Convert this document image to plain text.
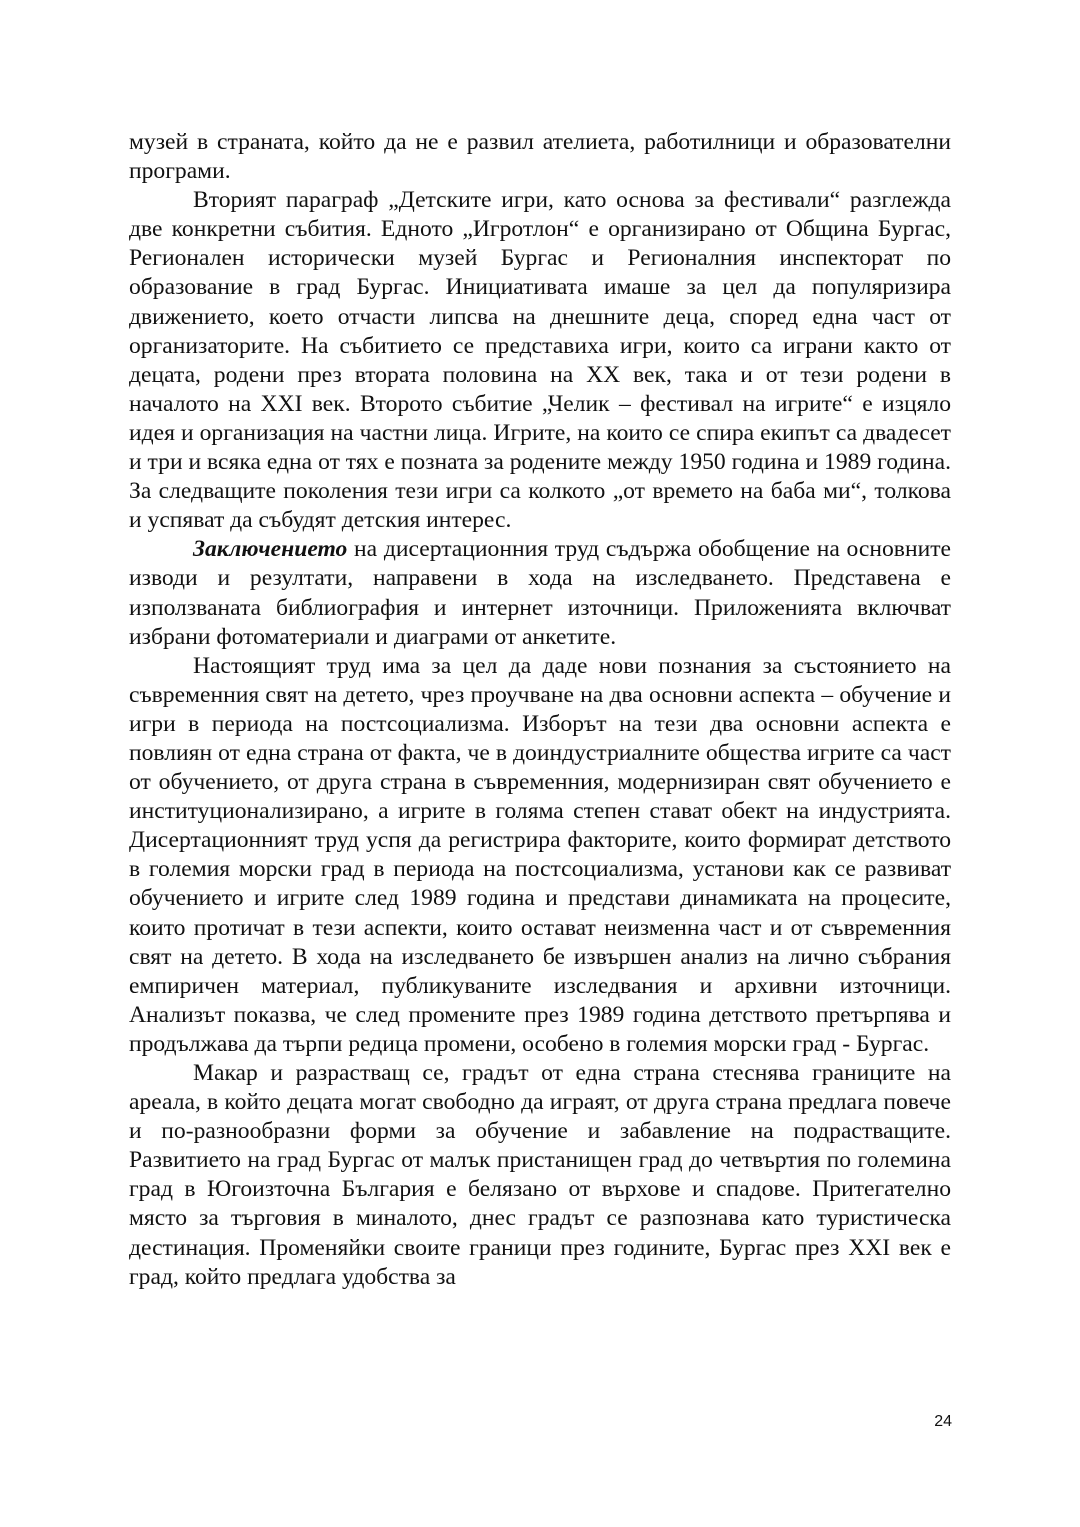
музей в страната, който да не е развил ателиета, работилници и образователни програми.

Вторият параграф „Детските игри, като основа за фестивали“ разглежда две конкретни събития. Едното „Игротлон“ е организирано от Община Бургас, Регионален исторически музей Бургас и Регионалния инспекторат по образование в град Бургас. Инициативата имаше за цел да популяризира движението, което отчасти липсва на днешните деца, според една част от организаторите. На събитието се представиха игри, които са играни както от децата, родени през втората половина на XX век, така и от тези родени в началото на XXI век. Второто събитие „Челик – фестивал на игрите“ е изцяло идея и организация на частни лица. Игрите, на които се спира екипът са двадесет и три и всяка една от тях е позната за родените между 1950 година и 1989 година. За следващите поколения тези игри са колкото „от времето на баба ми“, толкова и успяват да събудят детския интерес.

Заключението на дисертационния труд съдържа обобщение на основните изводи и резултати, направени в хода на изследването. Представена е използваната библиография и интернет източници. Приложенията включват избрани фотоматериали и диаграми от анкетите.

Настоящият труд има за цел да даде нови познания за състоянието на съвременния свят на детето, чрез проучване на два основни аспекта – обучение и игри в периода на постсоциализма. Изборът на тези два основни аспекта е повлиян от една страна от факта, че в доиндустриалните общества игрите са част от обучението, от друга страна в съвременния, модернизиран свят обучението е институционализирано, а игрите в голяма степен стават обект на индустрията. Дисертационният труд успя да регистрира факторите, които формират детството в големия морски град в периода на постсоциализма, установи как се развиват обучението и игрите след 1989 година и представи динамиката на процесите, които протичат в тези аспекти, които остават неизменна част и от съвременния свят на детето. В хода на изследването бе извършен анализ на лично събрания емпиричен материал, публикуваните изследвания и архивни източници. Анализът показва, че след промените през 1989 година детството претърпява и продължава да търпи редица промени, особено в големия морски град - Бургас.

Макар и разрастващ се, градът от една страна стеснява границите на ареала, в който децата могат свободно да играят, от друга страна предлага повече и по-разнообразни форми за обучение и забавление на подрастващите. Развитието на град Бургас от малък пристанищен град до четвъртия по големина град в Югоизточна България е белязано от върхове и спадове. Притегателно място за търговия в миналото, днес градът се разпознава като туристическа дестинация. Променяйки своите граници през годините, Бургас през XXI век е град, който предлага удобства за

24
